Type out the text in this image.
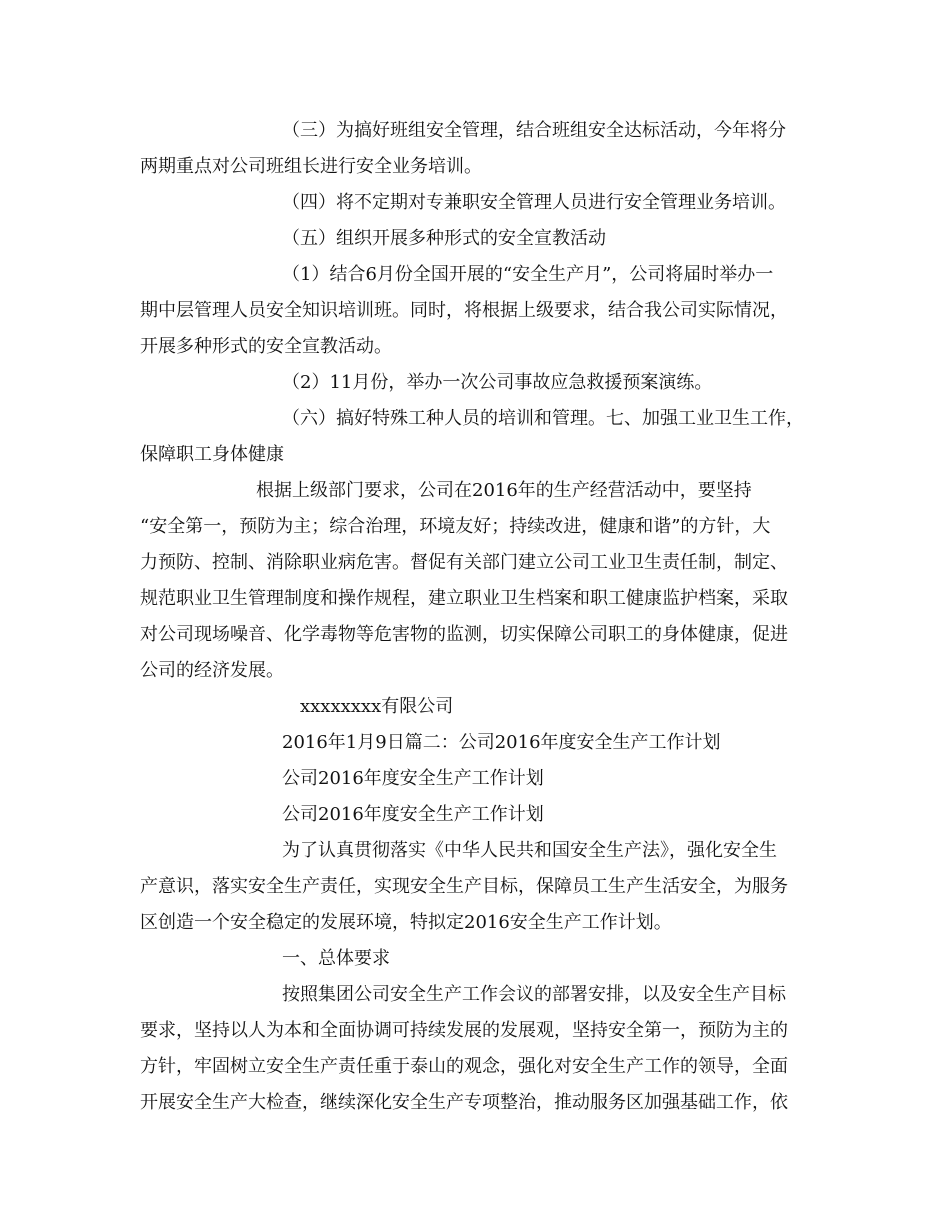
（三）为搞好班组安全管理，结合班组安全达标活动，今年将分
两期重点对公司班组长进行安全业务培训。
（四）将不定期对专兼职安全管理人员进行安全管理业务培训。
（五）组织开展多种形式的安全宣教活动
（1）结合6月份全国开展的“安全生产月”，公司将届时举办一
期中层管理人员安全知识培训班。同时，将根据上级要求，结合我公司实际情况，
开展多种形式的安全宣教活动。
（2）11月份，举办一次公司事故应急救援预案演练。
（六）搞好特殊工种人员的培训和管理。七、加强工业卫生工作，
保障职工身体健康
根据上级部门要求，公司在2016年的生产经营活动中，要坚持
“安全第一，预防为主；综合治理，环境友好；持续改进，健康和谐”的方针，大
力预防、控制、消除职业病危害。督促有关部门建立公司工业卫生责任制，制定、
规范职业卫生管理制度和操作规程，建立职业卫生档案和职工健康监护档案，采取
对公司现场噪音、化学毒物等危害物的监测，切实保障公司职工的身体健康，促进
公司的经济发展。
xxxxxxxx有限公司
2016年1月9日篇二：公司2016年度安全生产工作计划
公司2016年度安全生产工作计划
公司2016年度安全生产工作计划
为了认真贯彻落实《中华人民共和国安全生产法》，强化安全生
产意识，落实安全生产责任，实现安全生产目标，保障员工生产生活安全，为服务
区创造一个安全稳定的发展环境，特拟定2016安全生产工作计划。
一、总体要求
按照集团公司安全生产工作会议的部署安排，以及安全生产目标
要求，坚持以人为本和全面协调可持续发展的发展观，坚持安全第一，预防为主的
方针，牢固树立安全生产责任重于泰山的观念，强化对安全生产工作的领导，全面
开展安全生产大检查，继续深化安全生产专项整治，推动服务区加强基础工作，依
